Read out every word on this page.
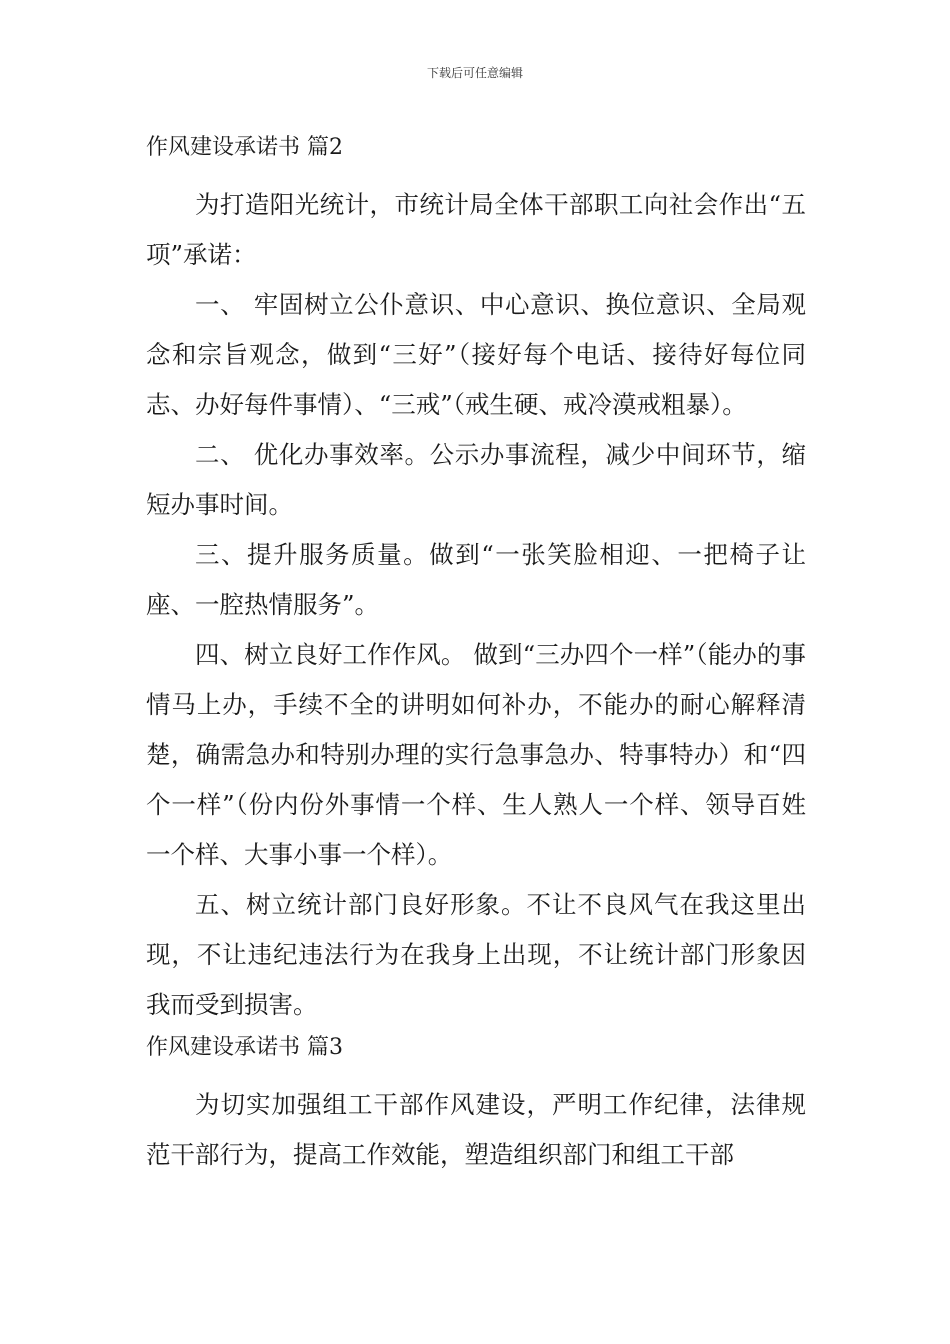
下载后可任意编辑
作风建设承诺书 篇2

为打造阳光统计，市统计局全体干部职工向社会作出“五项”承诺：

一、 牢固树立公仆意识、中心意识、换位意识、全局观念和宗旨观念，做到“三好”（接好每个电话、接待好每位同志、办好每件事情）、“三戒”（戒生硬、戒冷漠戒粗暴）。

二、 优化办事效率。公示办事流程，减少中间环节，缩短办事时间。

三、提升服务质量。做到“一张笑脸相迎、一把椅子让座、一腔热情服务”。

四、树立良好工作作风。 做到“三办四个一样”（能办的事情马上办，手续不全的讲明如何补办，不能办的耐心解释清楚，确需急办和特别办理的实行急事急办、特事特办）和“四个一样”（份内份外事情一个样、生人熟人一个样、领导百姓一个样、大事小事一个样）。

五、树立统计部门良好形象。不让不良风气在我这里出现，不让违纪违法行为在我身上出现，不让统计部门形象因我而受到损害。

作风建设承诺书 篇3

为切实加强组工干部作风建设，严明工作纪律，法律规范干部行为，提高工作效能，塑造组织部门和组工干部
